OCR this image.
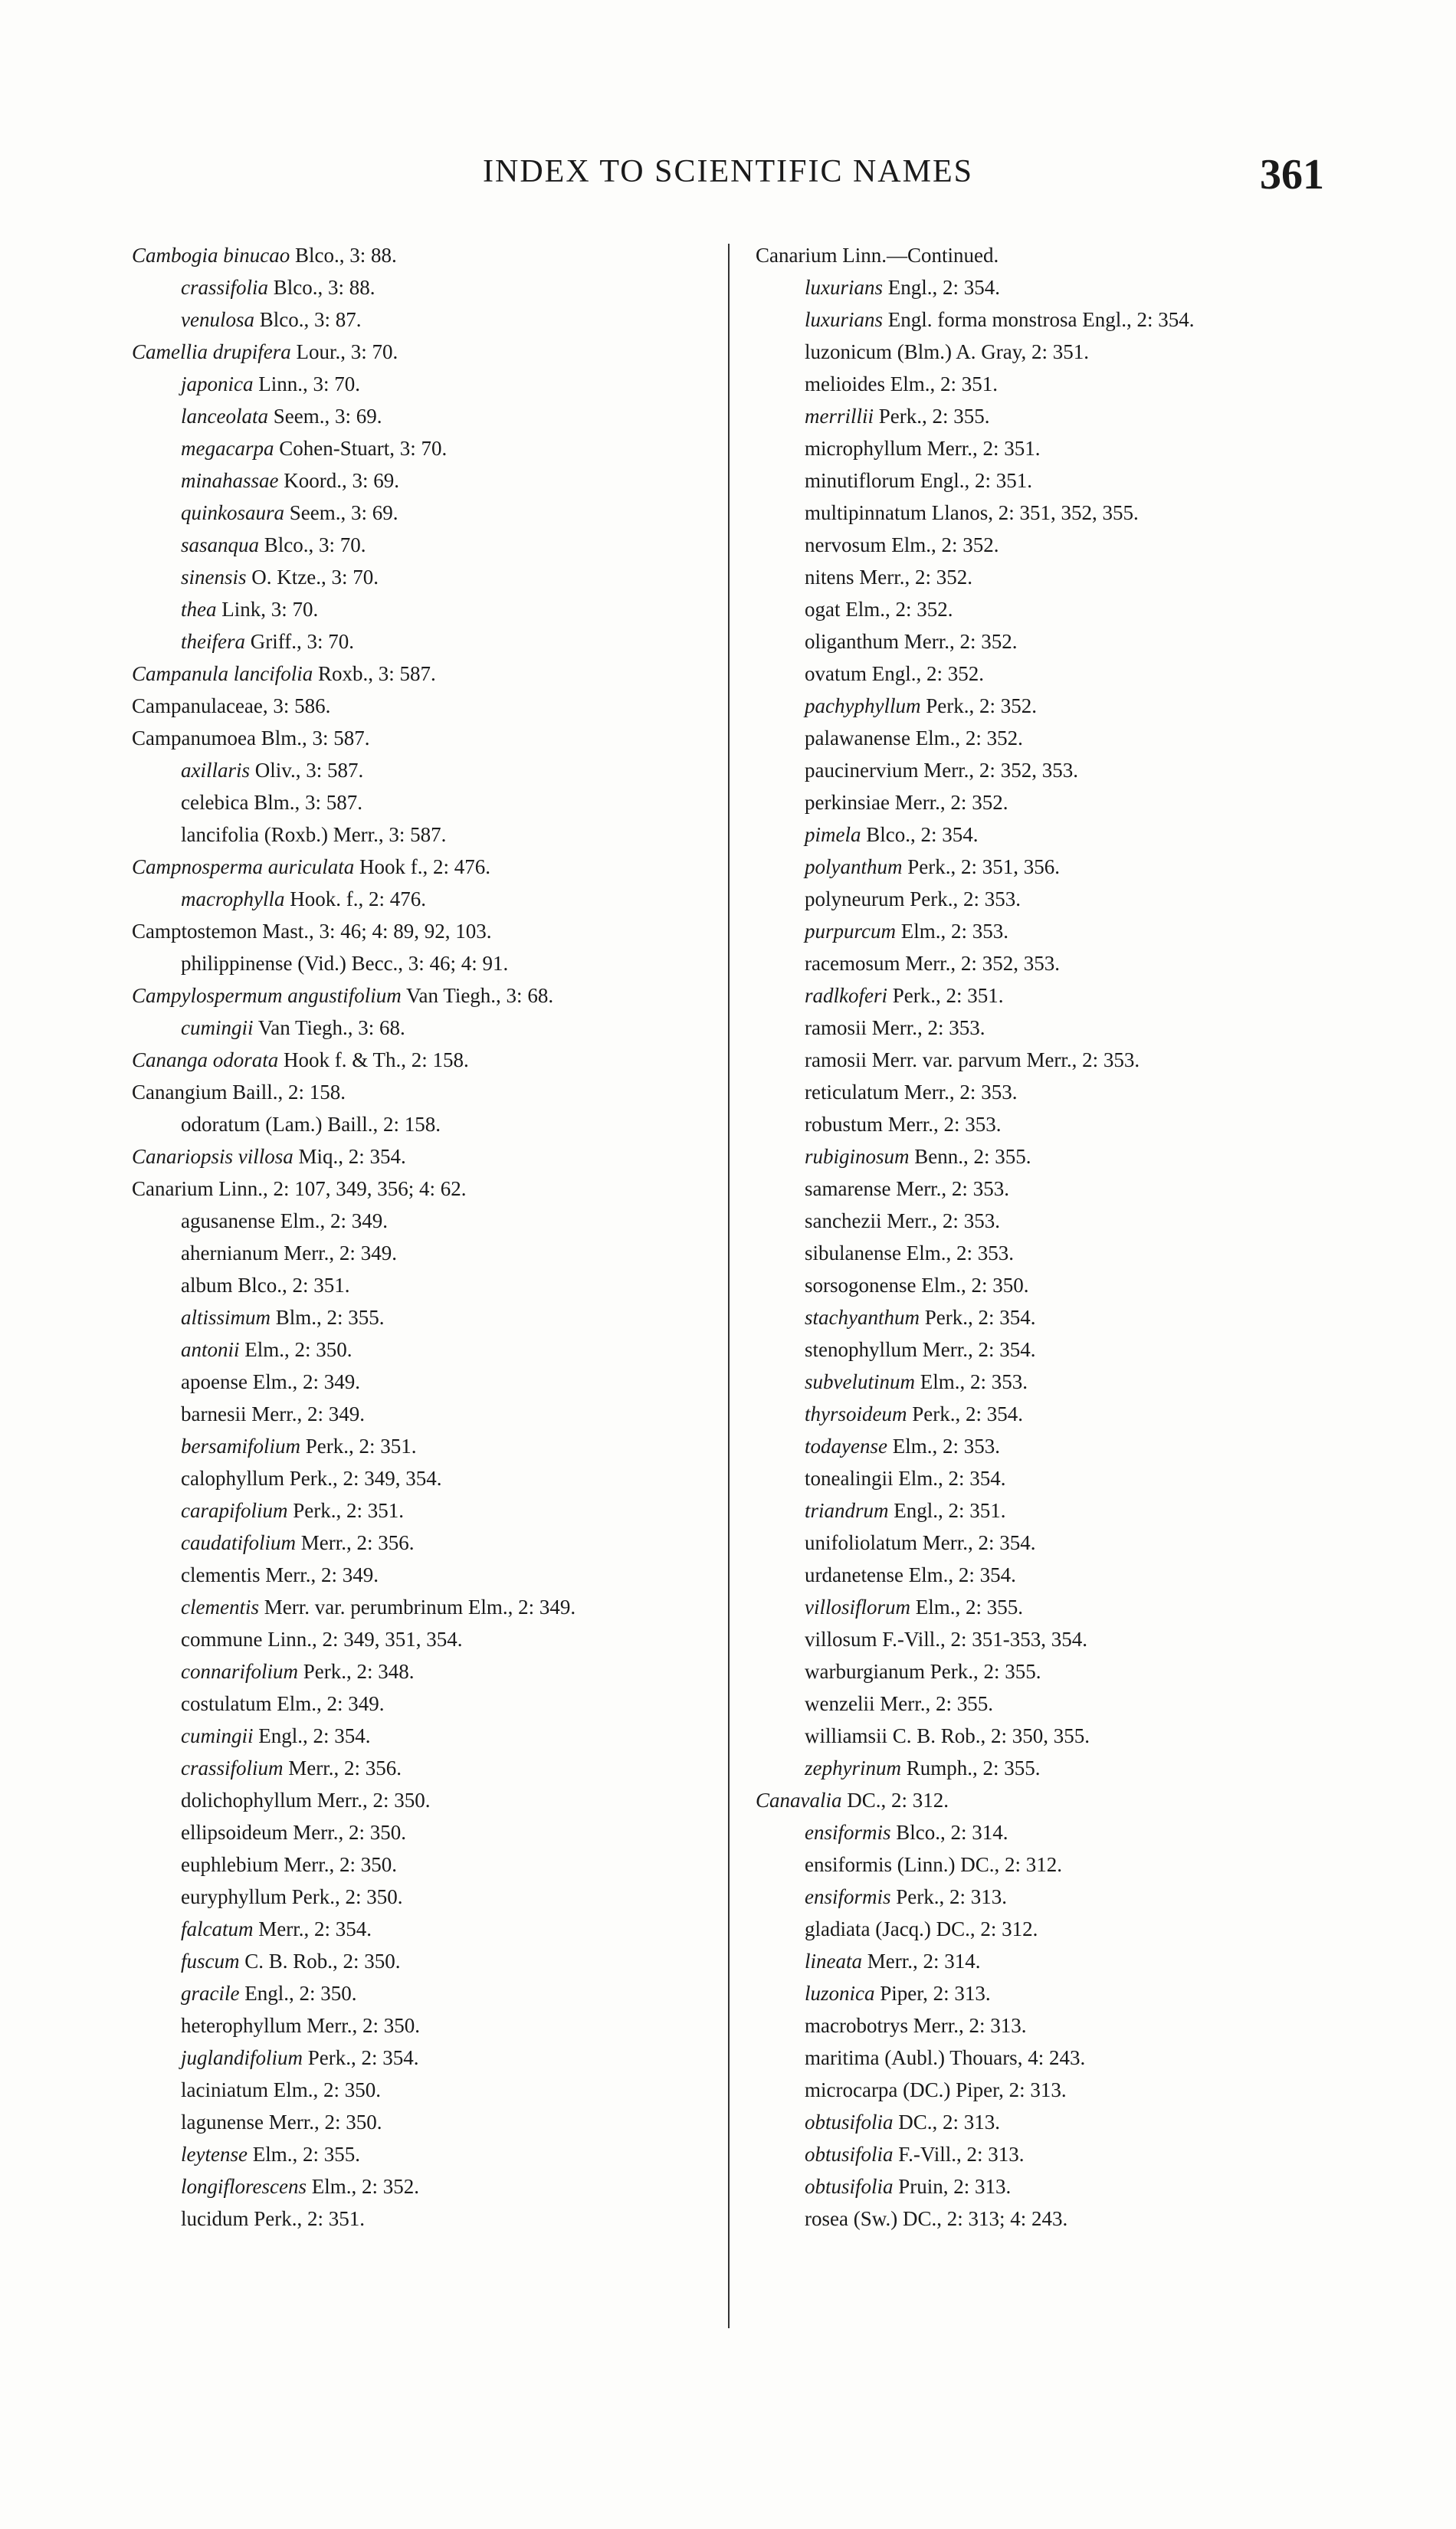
INDEX TO SCIENTIFIC NAMES	361
Cambogia binucao Blco., 3: 88.
crassifolia Blco., 3: 88.
venulosa Blco., 3: 87.
Camellia drupifera Lour., 3: 70.
japonica Linn., 3: 70.
lanceolata Seem., 3: 69.
megacarpa Cohen-Stuart, 3: 70.
minahassae Koord., 3: 69.
quinkosaura Seem., 3: 69.
sasanqua Blco., 3: 70.
sinensis O. Ktze., 3: 70.
thea Link, 3: 70.
theifera Griff., 3: 70.
Campanula lancifolia Roxb., 3: 587.
Campanulaceae, 3: 586.
Campanumoea Blm., 3: 587.
axillaris Oliv., 3: 587.
celebica Blm., 3: 587.
lancifolia (Roxb.) Merr., 3: 587.
Campnosperma auriculata Hook f., 2: 476.
macrophylla Hook. f., 2: 476.
Camptostemon Mast., 3: 46; 4: 89, 92, 103.
philippinense (Vid.) Becc., 3: 46; 4: 91.
Campylospermum angustifolium Van Tiegh., 3: 68.
cumingii Van Tiegh., 3: 68.
Cananga odorata Hook f. & Th., 2: 158.
Canangium Baill., 2: 158.
odoratum (Lam.) Baill., 2: 158.
Canariopsis villosa Miq., 2: 354.
Canarium Linn., 2: 107, 349, 356; 4: 62.
agusanense Elm., 2: 349.
ahernianum Merr., 2: 349.
album Blco., 2: 351.
altissimum Blm., 2: 355.
antonii Elm., 2: 350.
apoense Elm., 2: 349.
barnesii Merr., 2: 349.
bersamifolium Perk., 2: 351.
calophyllum Perk., 2: 349, 354.
carapifolium Perk., 2: 351.
caudatifolium Merr., 2: 356.
clementis Merr., 2: 349.
clementis Merr. var. perumbrinum Elm., 2: 349.
commune Linn., 2: 349, 351, 354.
connarifolium Perk., 2: 348.
costulatum Elm., 2: 349.
cumingii Engl., 2: 354.
crassifolium Merr., 2: 356.
dolichophyllum Merr., 2: 350.
ellipsoideum Merr., 2: 350.
euphlebium Merr., 2: 350.
euryphyllum Perk., 2: 350.
falcatum Merr., 2: 354.
fuscum C. B. Rob., 2: 350.
gracile Engl., 2: 350.
heterophyllum Merr., 2: 350.
juglandifolium Perk., 2: 354.
laciniatum Elm., 2: 350.
lagunense Merr., 2: 350.
leytense Elm., 2: 355.
longiflorescens Elm., 2: 352.
lucidum Perk., 2: 351.
Canarium Linn.—Continued.
luxurians Engl., 2: 354.
luxurians Engl. forma monstrosa Engl., 2: 354.
luzonicum (Blm.) A. Gray, 2: 351.
melioides Elm., 2: 351.
merrillii Perk., 2: 355.
microphyllum Merr., 2: 351.
minutiflorum Engl., 2: 351.
multipinnatum Llanos, 2: 351, 352, 355.
nervosum Elm., 2: 352.
nitens Merr., 2: 352.
ogat Elm., 2: 352.
oliganthum Merr., 2: 352.
ovatum Engl., 2: 352.
pachyphyllum Perk., 2: 352.
palawanense Elm., 2: 352.
paucinervium Merr., 2: 352, 353.
perkinsiae Merr., 2: 352.
pimela Blco., 2: 354.
polyanthum Perk., 2: 351, 356.
polyneurum Perk., 2: 353.
purpurcum Elm., 2: 353.
racemosum Merr., 2: 352, 353.
radlkoferi Perk., 2: 351.
ramosii Merr., 2: 353.
ramosii Merr. var. parvum Merr., 2: 353.
reticulatum Merr., 2: 353.
robustum Merr., 2: 353.
rubiginosum Benn., 2: 355.
samarense Merr., 2: 353.
sanchezii Merr., 2: 353.
sibulanense Elm., 2: 353.
sorsogonense Elm., 2: 350.
stachyanthum Perk., 2: 354.
stenophyllum Merr., 2: 354.
subvelutinum Elm., 2: 353.
thyrsoideum Perk., 2: 354.
todayense Elm., 2: 353.
tonealingii Elm., 2: 354.
triandrum Engl., 2: 351.
unifoliolatum Merr., 2: 354.
urdanetense Elm., 2: 354.
villosiflorum Elm., 2: 355.
villosum F.-Vill., 2: 351-353, 354.
warburgianum Perk., 2: 355.
wenzelii Merr., 2: 355.
williamsii C. B. Rob., 2: 350, 355.
zephyrinum Rumph., 2: 355.
Canavalia DC., 2: 312.
ensiformis Blco., 2: 314.
ensiformis (Linn.) DC., 2: 312.
ensiformis Perk., 2: 313.
gladiata (Jacq.) DC., 2: 312.
lineata Merr., 2: 314.
luzonica Piper, 2: 313.
macrobotrys Merr., 2: 313.
maritima (Aubl.) Thouars, 4: 243.
microcarpa (DC.) Piper, 2: 313.
obtusifolia DC., 2: 313.
obtusifolia F.-Vill., 2: 313.
obtusifolia Pruin, 2: 313.
rosea (Sw.) DC., 2: 313; 4: 243.
